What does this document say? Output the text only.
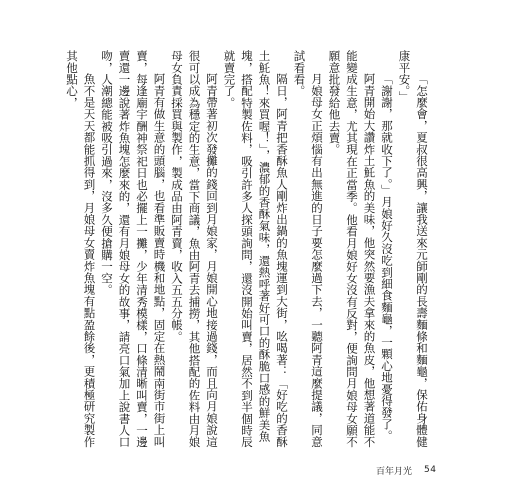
「怎麼會，夏叔很高興，讓我送來元師剛的長壽麵條和麵龜，保佑身體健康平安。」

「謝謝，那就收下了。」月娘好久沒吃到細食麵龜，一顆心地憂得發了。

阿青開始大讚炸土魠魚的美味，他突然要漁夫拿來的魚皮，他想著道能不能變成生意，尤其現在正當季。他看月娘好女沒有反對，便詢問月娘母女願不願意批發給他去賣。

月娘母女正煩惱有出無進的日子要怎麼過下去，一聽阿青這麼提議，同意試看看。

隔日，阿青把香酥魚人剛炸出鍋的魚塊運到大街，吆喝著：「好吃的香酥土魠魚！來買喔！」，濃郁的香酥氣味，還熱呼著好可口的酥脆口感的鮮美魚塊，搭配特製佐料，吸引許多人探頭詢問，還沒開始叫賣，居然不到半個時辰就賣完了。

阿青帶著初次發攤的錢回到月娘家，月娘開心地接過錢，而且向月娘說這很可以成為穩定的生意，當下商議，魚由阿青去捕撈，其他搭配的佐料由月娘母女負責採買與製作，製成品由阿青賣，收入五五分帳。

阿青有做生意的頭腦，也看準販賣時機和地點，固定在熱鬧南街市街上叫賣，每逢廟宇酬神祭祀日也必擺上一攤，少年清秀模樣，口條清晰叫賣，一邊賣還一邊說著炸魚塊怎麼來的，還有月娘母女的故事，請亮口氣加上說書人口吻，人潮總能被吸引過來，沒多久便搶購一空。

魚不是天天都能抓得到，月娘母女賣炸魚塊有點盈餘後，更積極研究製作其他點心，

百年月光 54
